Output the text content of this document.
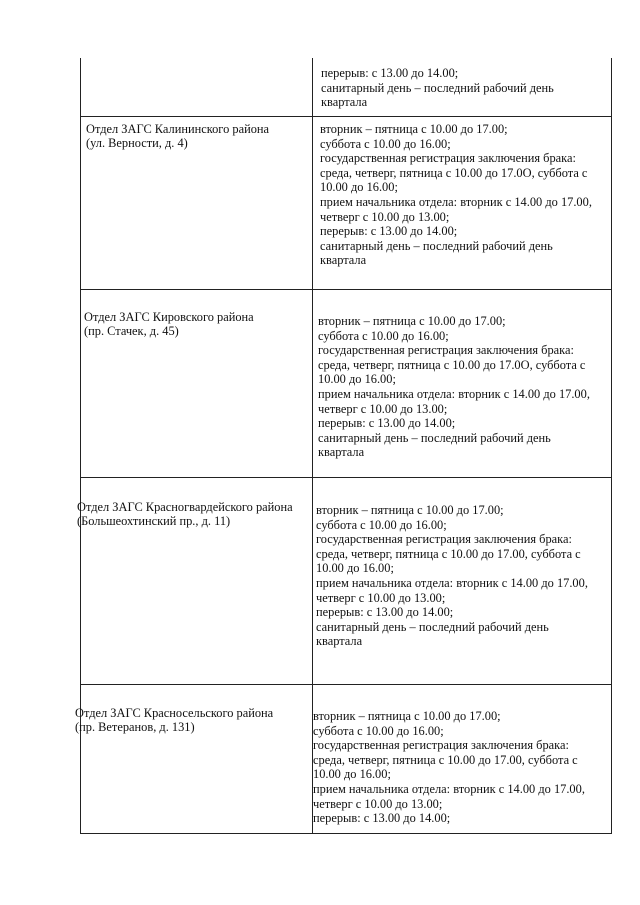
перерыв: с 13.00 до 14.00;
санитарный день – последний рабочий день
квартала
Отдел ЗАГС Калининского района
(ул. Верности, д. 4)
вторник – пятница с 10.00 до 17.00;
суббота с 10.00 до 16.00;
государственная регистрация заключения брака:
среда, четверг, пятница с 10.00 до 17.0О, суббота с
10.00 до 16.00;
прием начальника отдела: вторник с 14.00 до 17.00,
четверг с 10.00 до 13.00;
перерыв: с 13.00 до 14.00;
санитарный день – последний рабочий день
квартала
Отдел ЗАГС Кировского района
(пр. Стачек, д. 45)
вторник – пятница с 10.00 до 17.00;
суббота с 10.00 до 16.00;
государственная регистрация заключения брака:
среда, четверг, пятница с 10.00 до 17.0О, суббота с
10.00 до 16.00;
прием начальника отдела: вторник с 14.00 до 17.00,
четверг с 10.00 до 13.00;
перерыв: с 13.00 до 14.00;
санитарный день – последний рабочий день
квартала
Отдел ЗАГС Красногвардейского района
(Большеохтинский пр., д. 11)
вторник – пятница с 10.00 до 17.00;
суббота с 10.00 до 16.00;
государственная регистрация заключения брака:
среда, четверг, пятница с 10.00 до 17.00, суббота с
10.00 до 16.00;
прием начальника отдела: вторник с 14.00 до 17.00,
четверг с 10.00 до 13.00;
перерыв: с 13.00 до 14.00;
санитарный день – последний рабочий день
квартала
Отдел ЗАГС Красносельского района
(пр. Ветеранов, д. 131)
вторник – пятница с 10.00 до 17.00;
суббота с 10.00 до 16.00;
государственная регистрация заключения брака:
среда, четверг, пятница с 10.00 до 17.00, суббота с
10.00 до 16.00;
прием начальника отдела: вторник с 14.00 до 17.00,
четверг с 10.00 до 13.00;
перерыв: с 13.00 до 14.00;
